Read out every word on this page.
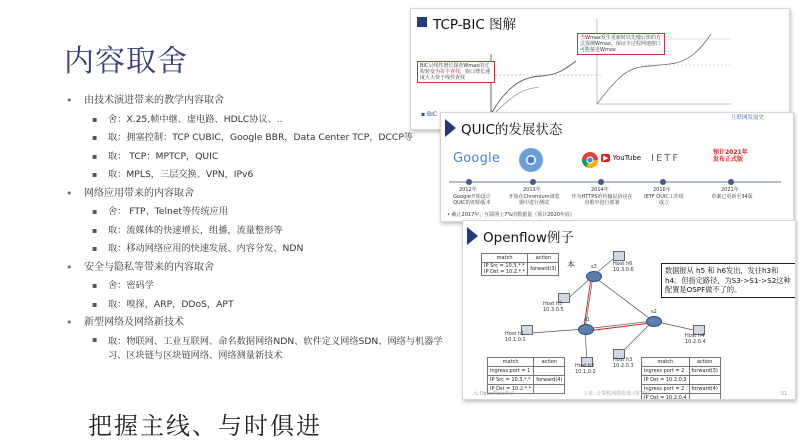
内容取舍
• 由技术演进带来的教学内容取舍
▪ 舍：X.25,帧中继、虚电路、HDLC协议、..
▪ 取：拥塞控制：TCP CUBIC，Google BBR，Data Center TCP，DCCP等
▪ 取： TCP：MPTCP，QUIC
▪ 取：MPLS，三层交换、VPN，IPv6
• 网络应用带来的内容取舍
▪ 舍： FTP、Telnet等传统应用
▪ 取：流媒体的快速增长，组播，流量整形等
▪ 取：移动网络应用的快速发展、内容分发、NDN
• 安全与隐私等带来的内容取舍
▪ 舍：密码学
▪ 取：嗅探，ARP，DDoS，APT
• 新型网络及网络新技术
▪ 取：物联网、工业互联网、命名数据网络NDN、软件定义网络SDN、网络与机器学习、区块链与区块链网络、网络测量新技术
把握主线、与时俱进
TCP-BIC 图解
当Wmax发生更新时以先慢后快的方式探测Wmax，保证全过程网速窗口可能接近Wmax
BIC呈线性增长探查Wmax的过程转变为折半查找，窗口增长速度大大快于线性查找
▪ BIC
QUIC的发展状态
互联网发展史
Google	▶ YouTube IETF
预计2021年发布正式版
2012年	2013年	2014年	2016年	2021年
Google开始设计QUIC的初始版本
开始在Chromium浏览器中进行测试
作为HTTPS的传输层协议在谷歌中进行部署
IETF QUIC工作组成立
草案已更新至34版
• 截止2017年，互联网上7%的数据量（预计2020年底）
Openflow例子
s3
s1
s2
Host h6
10.3.0.6
Host h5
10.3.0.5
Host h1
10.1.0.1
Host h2
10.1.0.2
Host h3
10.2.0.3
Host h4
10.2.0.4
match	action
IP Src = 10.3.*.*
IP Dst = 10.2.*.*	forward(3) 本
数据报从 h5 和 h6发出，发往h3和h4。但指定路径，为S3->S1->S2这种配置是OSPF做不了的。
match	action
ingress port = 1	
IP Src = 10.3.*.*	forward(4)
IP Dst = 10.2.*.*	
match	action
ingress port = 2	forward(3)
IP Dst = 10.2.0.3	
ingress port = 2	forward(4)
IP Dst = 10.2.0.4	
入 OpenFlow例子	主讲: 计算机网络原理 (第7版)	51
